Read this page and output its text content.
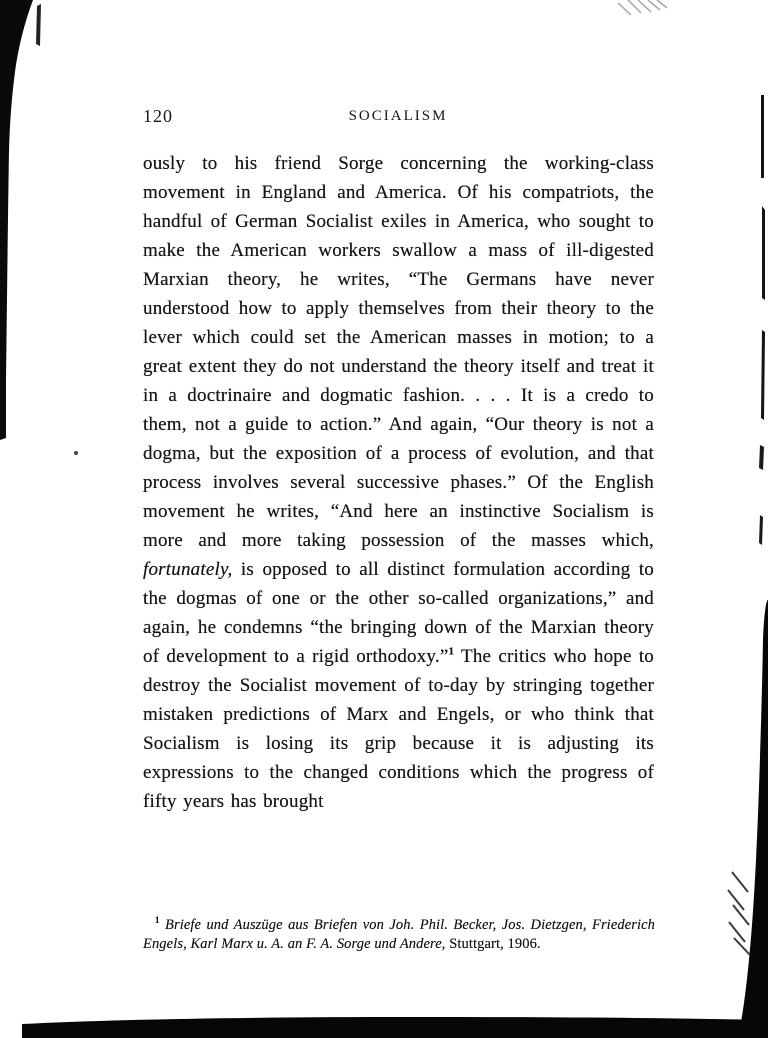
120	SOCIALISM

ously to his friend Sorge concerning the working-class movement in England and America. Of his compatriots, the handful of German Socialist exiles in America, who sought to make the American workers swallow a mass of ill-digested Marxian theory, he writes, “The Germans have never understood how to apply themselves from their theory to the lever which could set the American masses in motion; to a great extent they do not understand the theory itself and treat it in a doctrinaire and dogmatic fashion. . . . It is a credo to them, not a guide to action.” And again, “Our theory is not a dogma, but the exposition of a process of evolution, and that process involves several successive phases.” Of the English movement he writes, “And here an instinctive Socialism is more and more taking possession of the masses which, fortunately, is opposed to all distinct formulation according to the dogmas of one or the other so-called organizations,” and again, he condemns “the bringing down of the Marxian theory of development to a rigid orthodoxy.”$^1$ The critics who hope to destroy the Socialist movement of to-day by stringing together mistaken predictions of Marx and Engels, or who think that Socialism is losing its grip because it is adjusting its expressions to the changed conditions which the progress of fifty years has brought

$^1$ Briefe und Auszüge aus Briefen von Joh. Phil. Becker, Jos. Dietzgen, Friederich Engels, Karl Marx u. A. an F. A. Sorge und Andere, Stuttgart, 1906.
